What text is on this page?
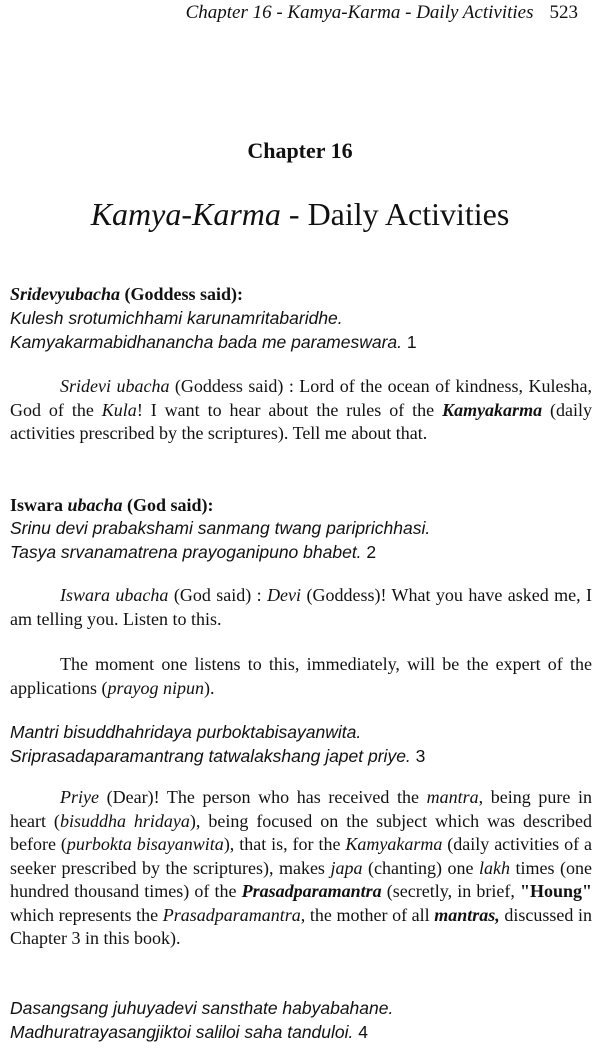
Chapter 16 - Kamya-Karma - Daily Activities 523
Chapter 16
Kamya-Karma - Daily Activities
Sridevyubacha (Goddess said):
Kulesh srotumichhami karunamritabaridhe.
Kamyakarmabidhanancha bada me parameswara. 1
Sridevi ubacha (Goddess said) : Lord of the ocean of kindness, Kulesha, God of the Kula! I want to hear about the rules of the Kamyakarma (daily activities prescribed by the scriptures). Tell me about that.
Iswara ubacha (God said):
Srinu devi prabakshami sanmang twang pariprichhasi.
Tasya srvanamatrena prayoganipuno bhabet. 2
Iswara ubacha (God said) : Devi (Goddess)! What you have asked me, I am telling you. Listen to this.
The moment one listens to this, immediately, will be the expert of the applications (prayog nipun).
Mantri bisuddhahridaya purboktabisayanwita.
Sriprasadaparamantrang tatwalakshang japet priye. 3
Priye (Dear)! The person who has received the mantra, being pure in heart (bisuddha hridaya), being focused on the subject which was described before (purbokta bisayanwita), that is, for the Kamyakarma (daily activities of a seeker prescribed by the scriptures), makes japa (chanting) one lakh times (one hundred thousand times) of the Prasadparamantra (secretly, in brief, "Houng" which represents the Prasadparamantra, the mother of all mantras, discussed in Chapter 3 in this book).
Dasangsang juhuyadevi sansthate habyabahane.
Madhuratrayasangjiktoi saliloi saha tanduloi. 4
